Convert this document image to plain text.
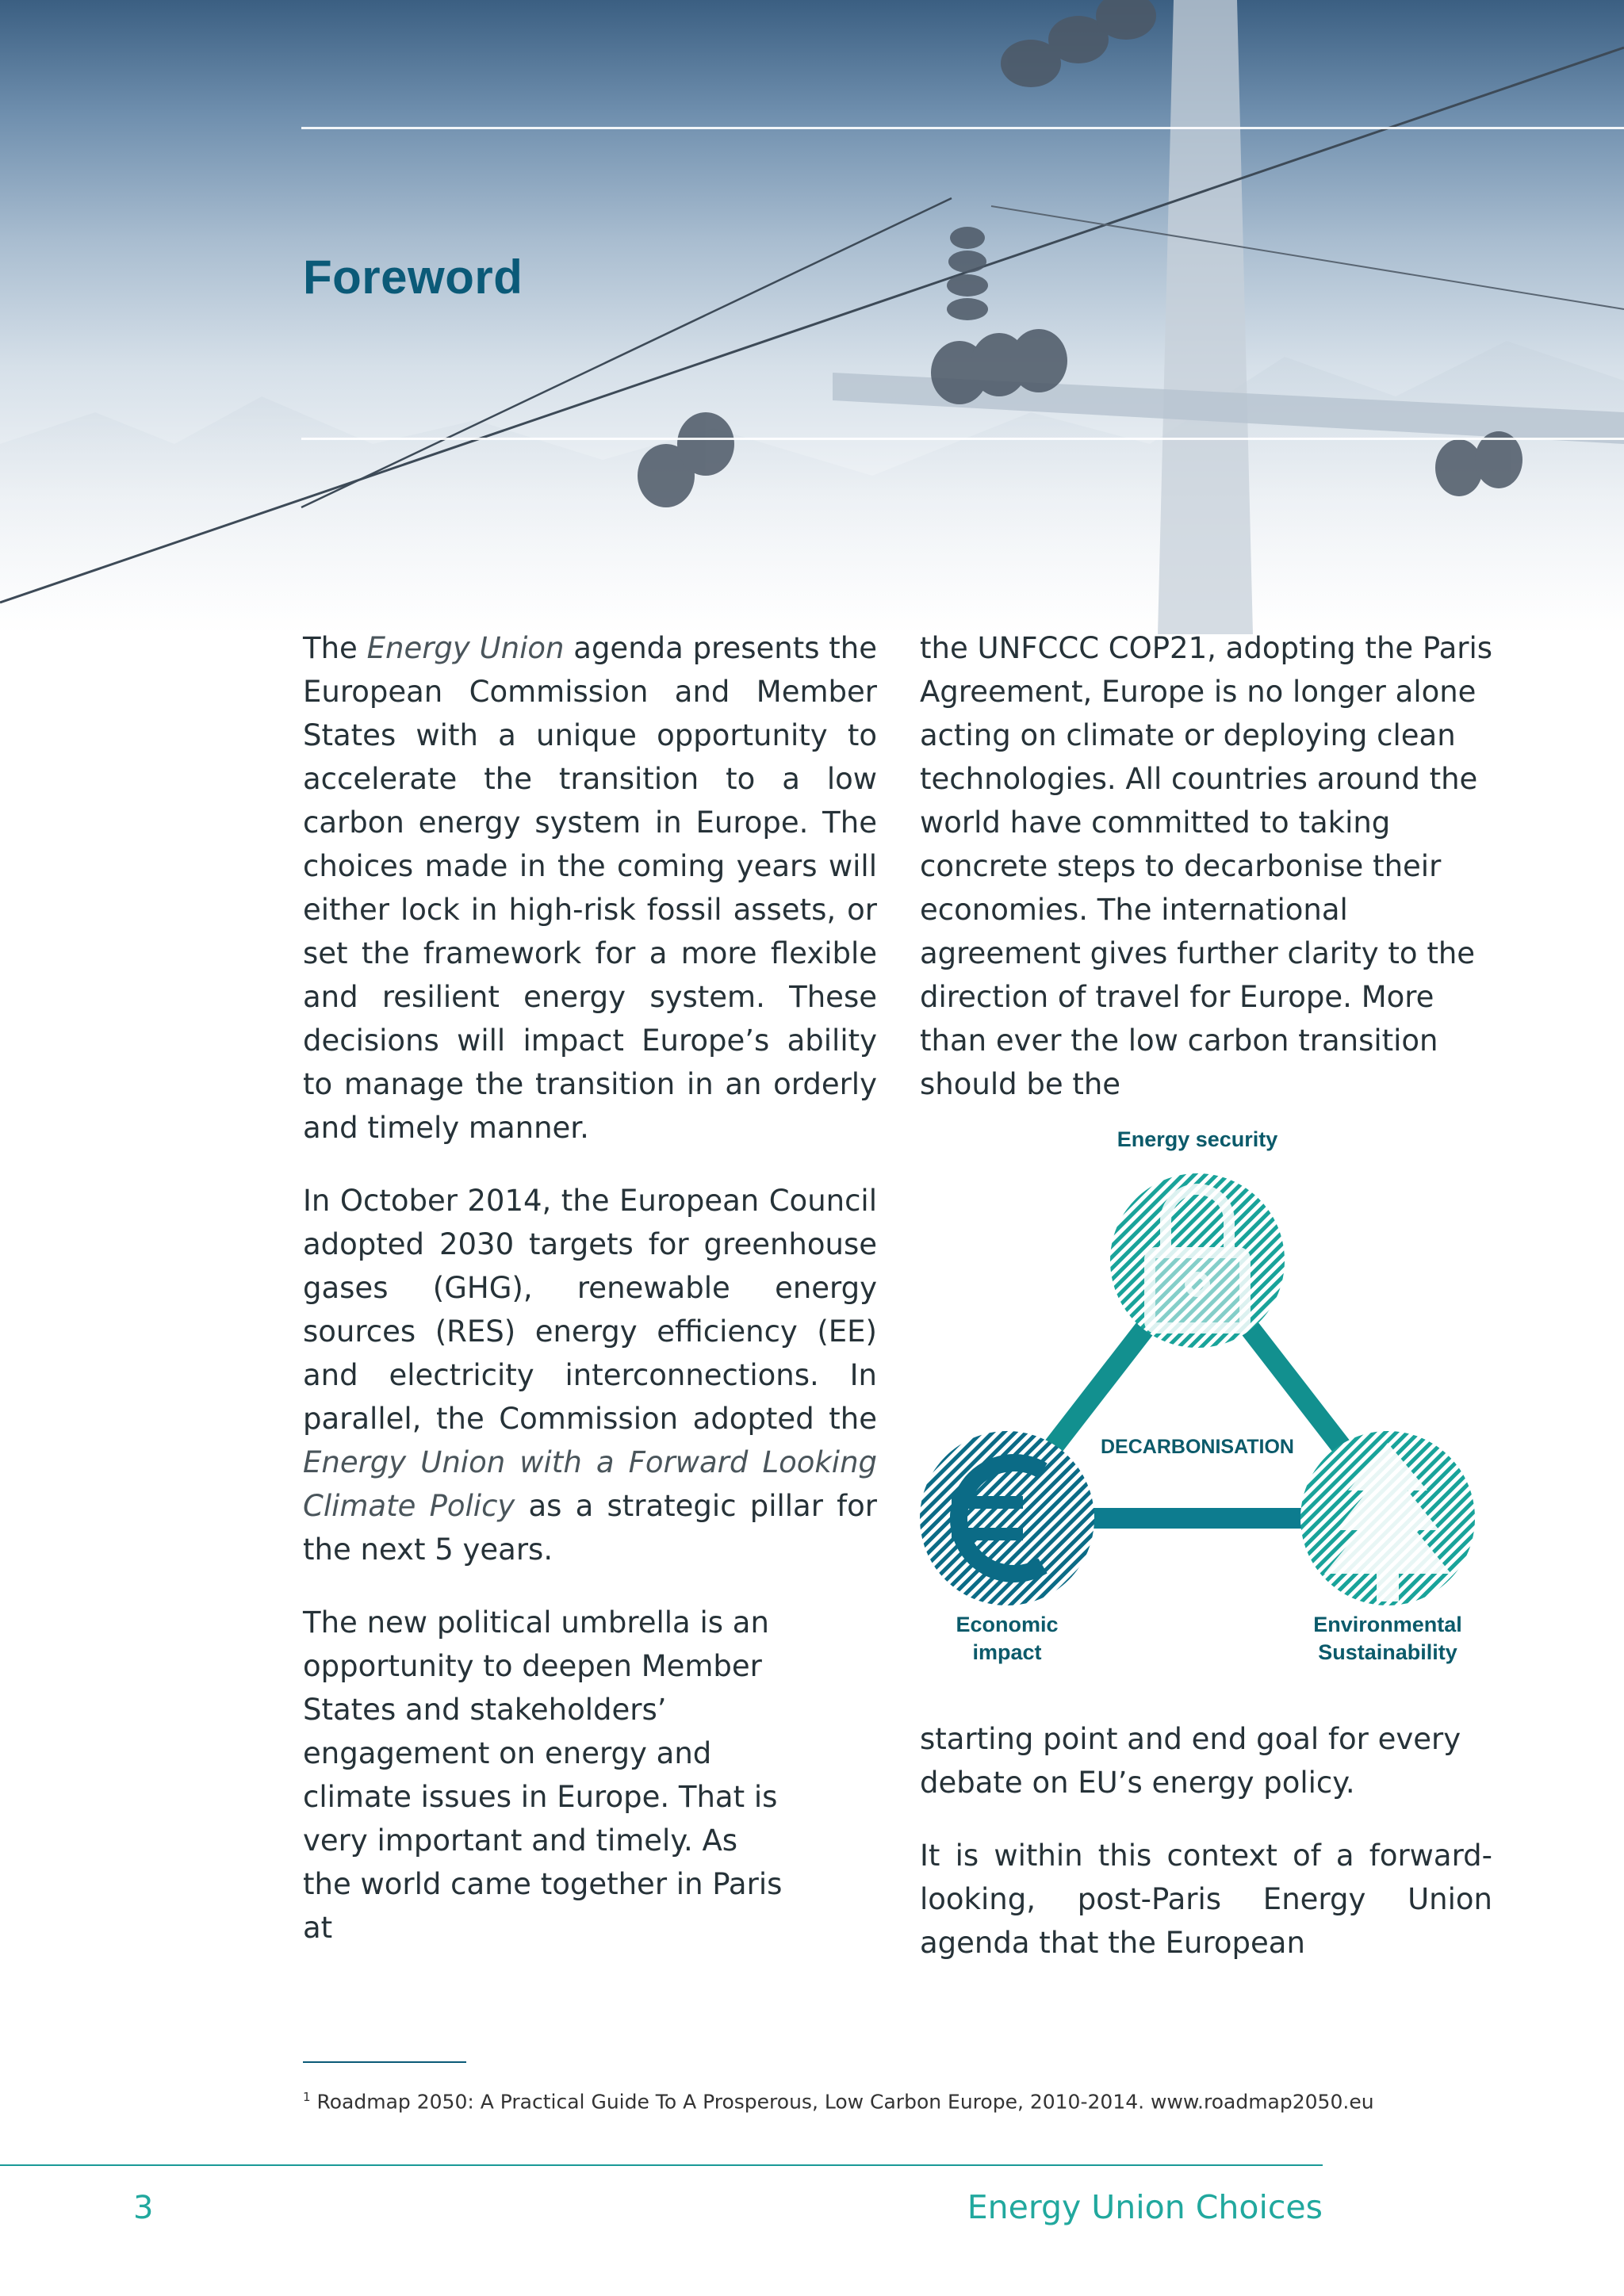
Foreword

The Energy Union agenda presents the European Commission and Member States with a unique opportunity to accelerate the transition to a low carbon energy system in Europe. The choices made in the coming years will either lock in high-risk fossil assets, or set the framework for a more flexible and resilient energy system. These decisions will impact Europe’s ability to manage the transition in an orderly and timely manner.

In October 2014, the European Council adopted 2030 targets for greenhouse gases (GHG), renewable energy sources (RES) energy efficiency (EE) and electricity interconnections. In parallel, the Commission adopted the Energy Union with a Forward Looking Climate Policy as a strategic pillar for the next 5 years.

The new political umbrella is an opportunity to deepen Member States and stakeholders’ engagement on energy and climate issues in Europe. That is very important and timely. As the world came together in Paris at

the UNFCCC COP21, adopting the Paris Agreement, Europe is no longer alone acting on climate or deploying clean technologies. All countries around the world have committed to taking concrete steps to decarbonise their economies. The international agreement gives further clarity to the direction of travel for Europe. More than ever the low carbon transition should be the

Energy security
DECARBONISATION
Economic impact
Environmental Sustainability

starting point and end goal for every debate on EU’s energy policy.

It is within this context of a forward-looking, post-Paris Energy Union agenda that the European

$^1$ Roadmap 2050: A Practical Guide To A Prosperous, Low Carbon Europe, 2010-2014. www.roadmap2050.eu
3	Energy Union Choices
